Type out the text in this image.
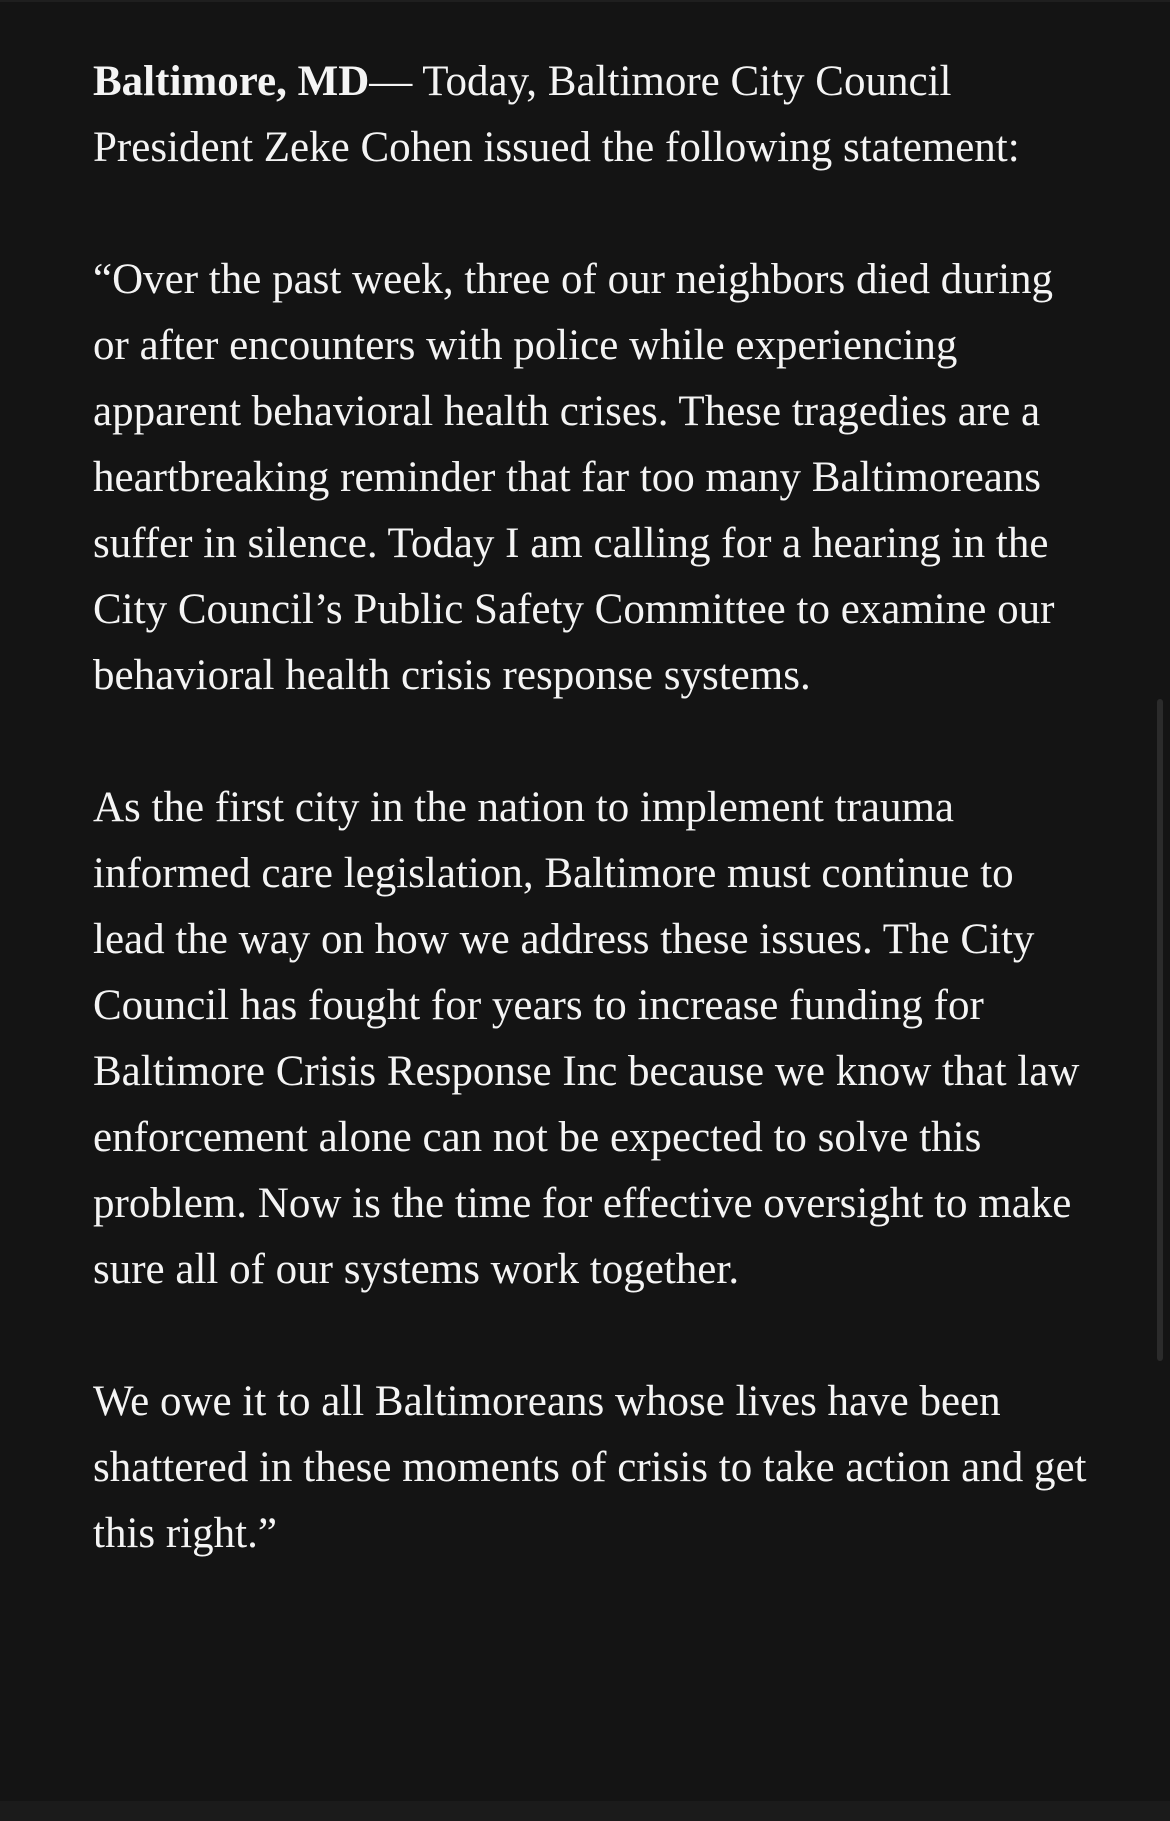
Baltimore, MD— Today, Baltimore City Council President Zeke Cohen issued the following statement:

“Over the past week, three of our neighbors died during or after encounters with police while experiencing apparent behavioral health crises. These tragedies are a heartbreaking reminder that far too many Baltimoreans suffer in silence. Today I am calling for a hearing in the City Council’s Public Safety Committee to examine our behavioral health crisis response systems.

As the first city in the nation to implement trauma informed care legislation, Baltimore must continue to lead the way on how we address these issues. The City Council has fought for years to increase funding for Baltimore Crisis Response Inc because we know that law enforcement alone can not be expected to solve this problem. Now is the time for effective oversight to make sure all of our systems work together.

We owe it to all Baltimoreans whose lives have been shattered in these moments of crisis to take action and get this right.”
